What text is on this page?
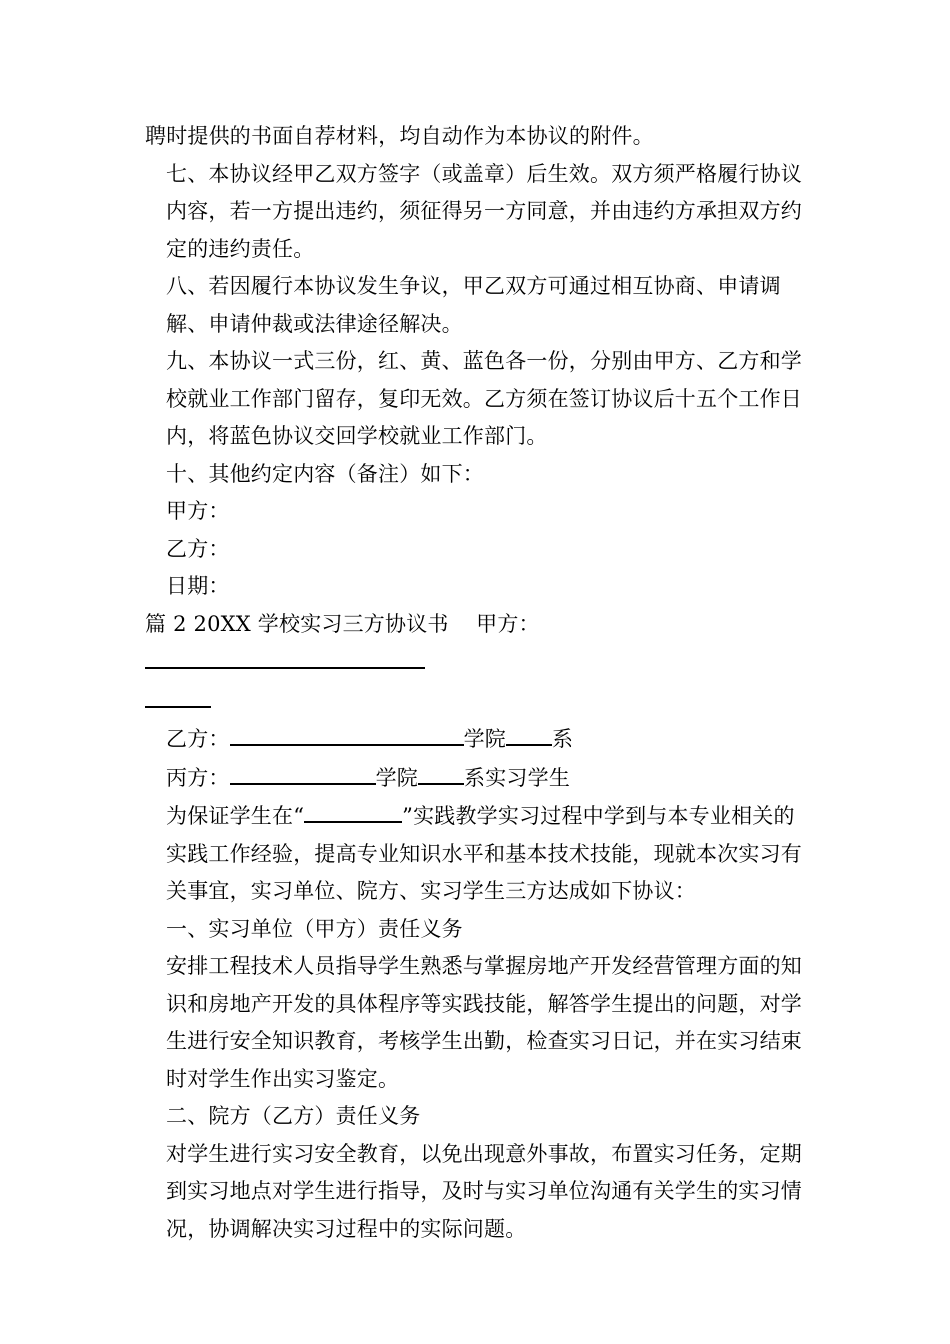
聘时提供的书面自荐材料，均自动作为本协议的附件。

七、本协议经甲乙双方签字（或盖章）后生效。双方须严格履行协议内容，若一方提出违约，须征得另一方同意，并由违约方承担双方约定的违约责任。

八、若因履行本协议发生争议，甲乙双方可通过相互协商、申请调解、申请仲裁或法律途径解决。

九、本协议一式三份，红、黄、蓝色各一份，分别由甲方、乙方和学校就业工作部门留存，复印无效。乙方须在签订协议后十五个工作日内，将蓝色协议交回学校就业工作部门。

十、其他约定内容（备注）如下：

甲方：

乙方：

日期：

篇 2 20XX 学校实习三方协议书 甲方：

乙方：	学院 系

丙方：	学院 系实习学生

为保证学生在“	”实践教学实习过程中学到与本专业相关的实践工作经验，提高专业知识水平和基本技术技能，现就本次实习有关事宜，实习单位、院方、实习学生三方达成如下协议：

一、实习单位（甲方）责任义务

安排工程技术人员指导学生熟悉与掌握房地产开发经营管理方面的知识和房地产开发的具体程序等实践技能，解答学生提出的问题，对学生进行安全知识教育，考核学生出勤，检查实习日记，并在实习结束时对学生作出实习鉴定。

二、院方（乙方）责任义务

对学生进行实习安全教育，以免出现意外事故，布置实习任务，定期到实习地点对学生进行指导，及时与实习单位沟通有关学生的实习情况，协调解决实习过程中的实际问题。
